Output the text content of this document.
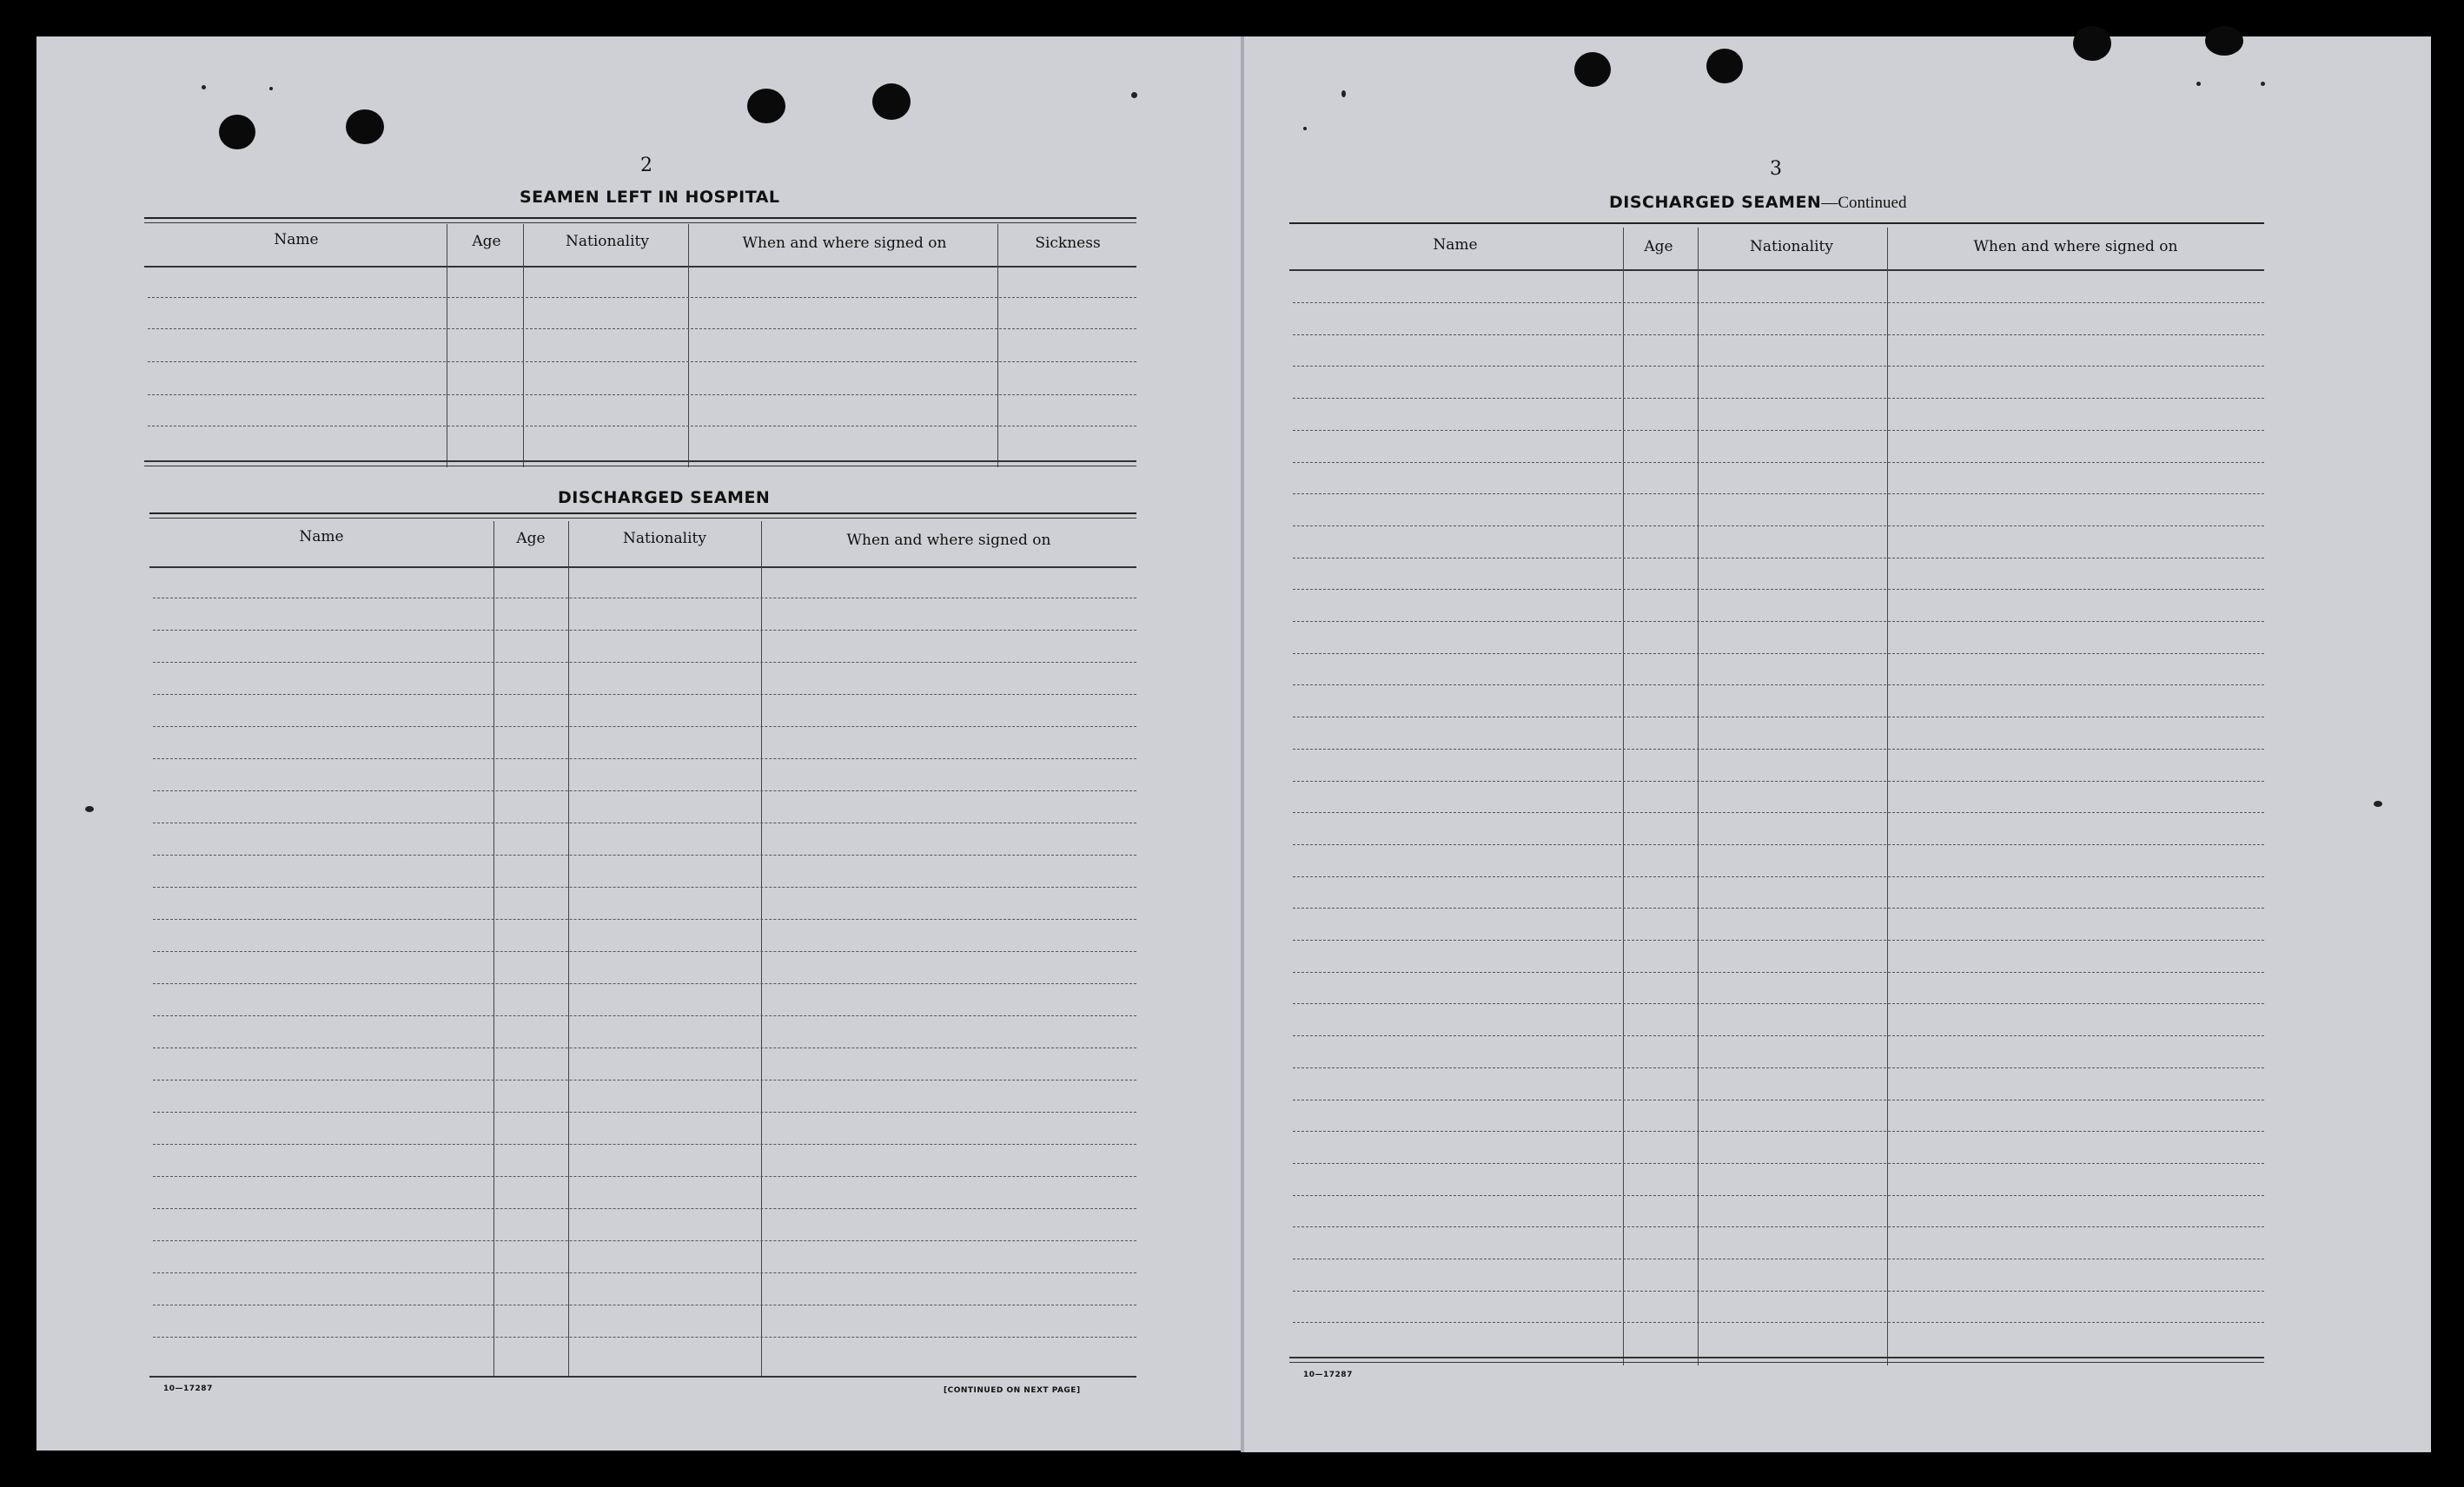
2
SEAMEN LEFT IN HOSPITAL
Name	Age	Nationality	When and where signed on	Sickness
DISCHARGED SEAMEN
Name	Age	Nationality	When and where signed on
10—17287	[CONTINUED ON NEXT PAGE]
3
DISCHARGED SEAMEN—Continued
Name	Age	Nationality	When and where signed on
10—17287
